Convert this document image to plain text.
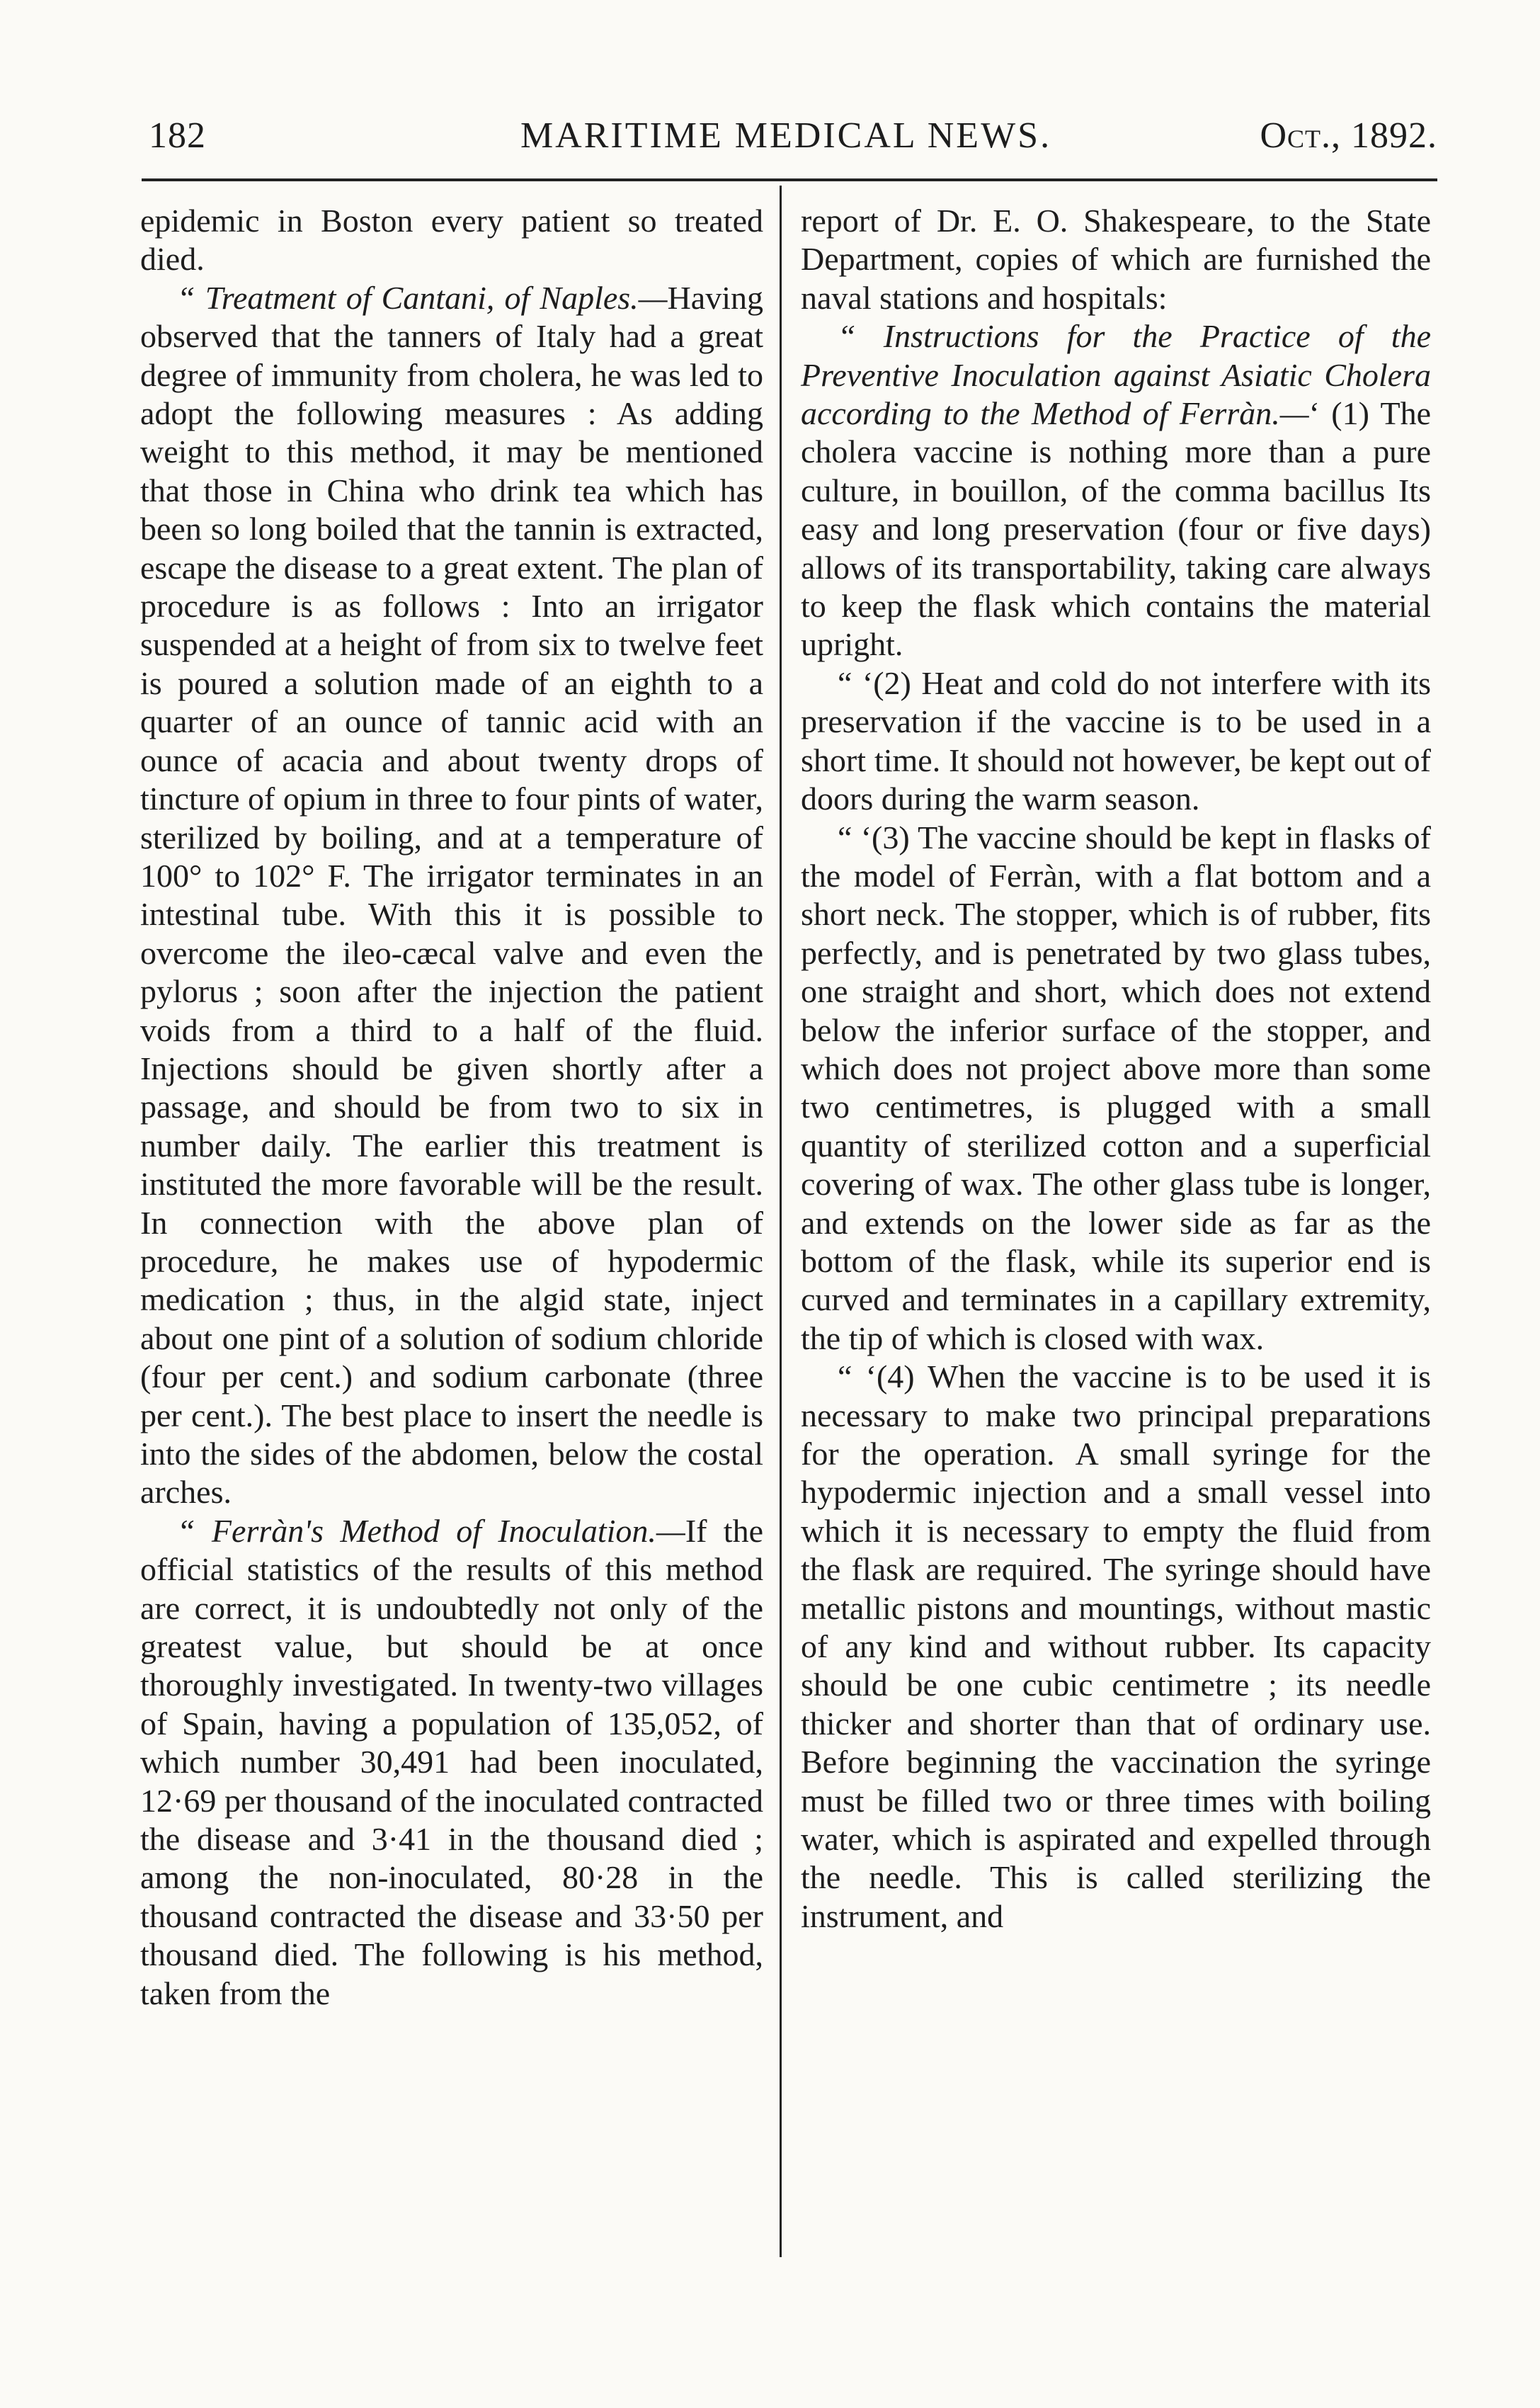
182	MARITIME MEDICAL NEWS.	Oct., 1892.

epidemic in Boston every patient so treated died.

“ Treatment of Cantani, of Naples.—Having observed that the tanners of Italy had a great degree of immunity from cholera, he was led to adopt the following measures : As adding weight to this method, it may be mentioned that those in China who drink tea which has been so long boiled that the tannin is extracted, escape the disease to a great extent. The plan of procedure is as follows : Into an irrigator suspended at a height of from six to twelve feet is poured a solution made of an eighth to a quarter of an ounce of tannic acid with an ounce of acacia and about twenty drops of tincture of opium in three to four pints of water, sterilized by boiling, and at a temperature of 100° to 102° F. The irrigator terminates in an intestinal tube. With this it is possible to overcome the ileo-cæcal valve and even the pylorus ; soon after the injection the patient voids from a third to a half of the fluid. Injections should be given shortly after a passage, and should be from two to six in number daily. The earlier this treatment is instituted the more favorable will be the result. In connection with the above plan of procedure, he makes use of hypodermic medication ; thus, in the algid state, inject about one pint of a solution of sodium chloride (four per cent.) and sodium carbonate (three per cent.). The best place to insert the needle is into the sides of the abdomen, below the costal arches.

“ Ferràn's Method of Inoculation.—If the official statistics of the results of this method are correct, it is undoubtedly not only of the greatest value, but should be at once thoroughly investigated. In twenty-two villages of Spain, having a population of 135,052, of which number 30,491 had been inoculated, 12·69 per thousand of the inoculated contracted the disease and 3·41 in the thousand died ; among the non-inoculated, 80·28 in the thousand contracted the disease and 33·50 per thousand died. The following is his method, taken from the

report of Dr. E. O. Shakespeare, to the State Department, copies of which are furnished the naval stations and hospitals:

“ Instructions for the Practice of the Preventive Inoculation against Asiatic Cholera according to the Method of Ferràn.—‘ (1) The cholera vaccine is nothing more than a pure culture, in bouillon, of the comma bacillus Its easy and long preservation (four or five days) allows of its transportability, taking care always to keep the flask which contains the material upright.

“ ‘(2) Heat and cold do not interfere with its preservation if the vaccine is to be used in a short time. It should not however, be kept out of doors during the warm season.

“ ‘(3) The vaccine should be kept in flasks of the model of Ferràn, with a flat bottom and a short neck. The stopper, which is of rubber, fits perfectly, and is penetrated by two glass tubes, one straight and short, which does not extend below the inferior surface of the stopper, and which does not project above more than some two centimetres, is plugged with a small quantity of sterilized cotton and a superficial covering of wax. The other glass tube is longer, and extends on the lower side as far as the bottom of the flask, while its superior end is curved and terminates in a capillary extremity, the tip of which is closed with wax.

“ ‘(4) When the vaccine is to be used it is necessary to make two principal preparations for the operation. A small syringe for the hypodermic injection and a small vessel into which it is necessary to empty the fluid from the flask are required. The syringe should have metallic pistons and mountings, without mastic of any kind and without rubber. Its capacity should be one cubic centimetre ; its needle thicker and shorter than that of ordinary use. Before beginning the vaccination the syringe must be filled two or three times with boiling water, which is aspirated and expelled through the needle. This is called sterilizing the instrument, and
